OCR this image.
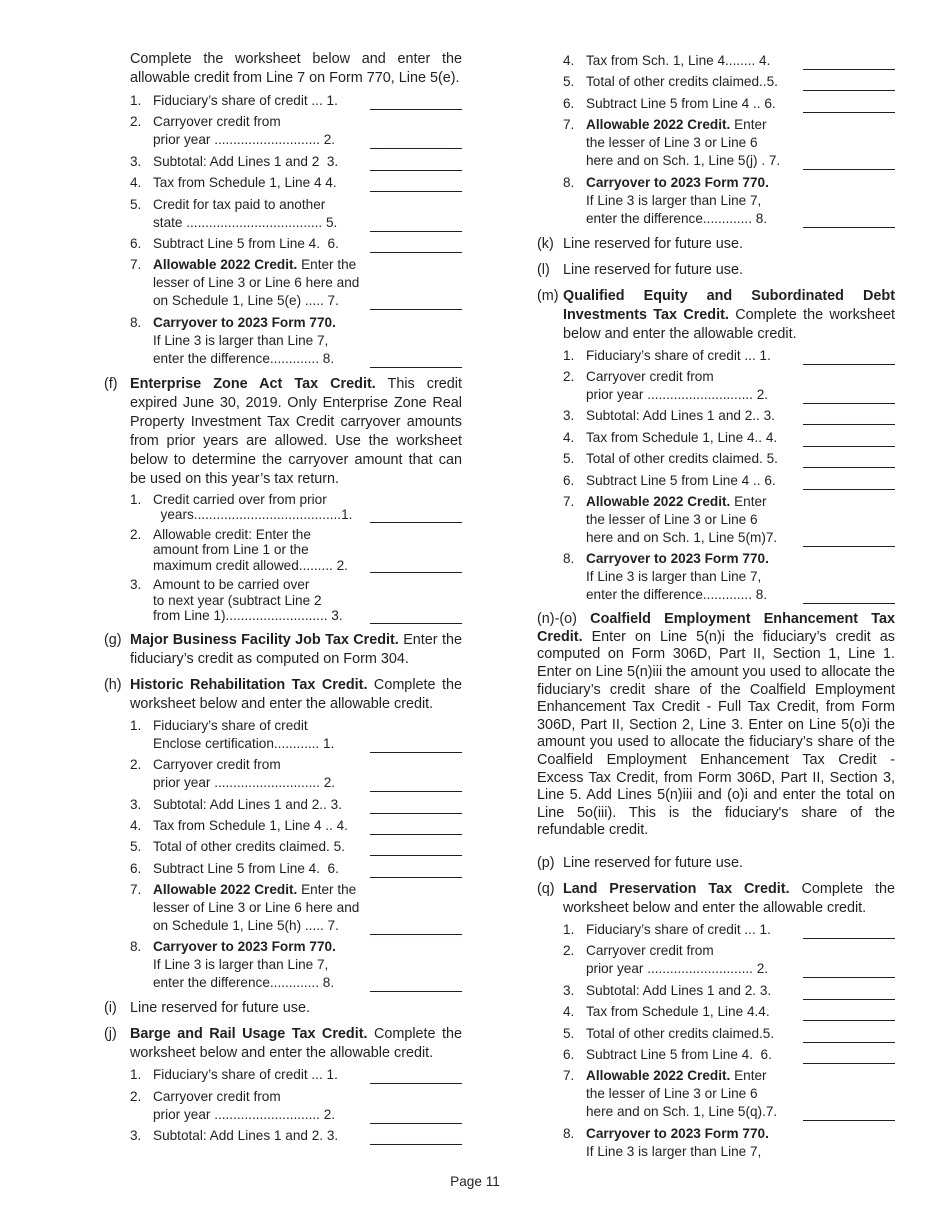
Complete the worksheet below and enter the allowable credit from Line 7 on Form 770, Line 5(e).
1. Fiduciary’s share of credit ... 1.
2. Carryover credit from
prior year ............................ 2.
3. Subtotal: Add Lines 1 and 2  3.
4. Tax from Schedule 1, Line 4 4.
5. Credit for tax paid to another
state .................................... 5.
6. Subtract Line 5 from Line 4.  6.
7. Allowable 2022 Credit. Enter the
lesser of Line 3 or Line 6 here and
on Schedule 1, Line 5(e) ..... 7.
8. Carryover to 2023 Form 770.
If Line 3 is larger than Line 7,
enter the difference............. 8.
(f) Enterprise Zone Act Tax Credit. This credit expired June 30, 2019. Only Enterprise Zone Real Property Investment Tax Credit carryover amounts from prior years are allowed. Use the worksheet below to determine the carryover amount that can be used on this year’s tax return.
1. Credit carried over from prior
years.......................................1.
2. Allowable credit: Enter the
amount from Line 1 or the
maximum credit allowed......... 2.
3. Amount to be carried over
to next year (subtract Line 2
from Line 1)........................... 3.
(g) Major Business Facility Job Tax Credit. Enter the fiduciary’s credit as computed on Form 304.
(h) Historic Rehabilitation Tax Credit. Complete the worksheet below and enter the allowable credit.
1. Fiduciary’s share of credit
Enclose certification............ 1.
2. Carryover credit from
prior year ............................ 2.
3. Subtotal: Add Lines 1 and 2.. 3.
4. Tax from Schedule 1, Line 4 .. 4.
5. Total of other credits claimed. 5.
6. Subtract Line 5 from Line 4.  6.
7. Allowable 2022 Credit. Enter the
lesser of Line 3 or Line 6 here and
on Schedule 1, Line 5(h) ..... 7.
8. Carryover to 2023 Form 770.
If Line 3 is larger than Line 7,
enter the difference............. 8.
(i) Line reserved for future use.
(j) Barge and Rail Usage Tax Credit. Complete the worksheet below and enter the allowable credit.
1. Fiduciary’s share of credit ... 1.
2. Carryover credit from
prior year ............................ 2.
3. Subtotal: Add Lines 1 and 2. 3.
4. Tax from Sch. 1, Line 4........ 4.
5. Total of other credits claimed..5.
6. Subtract Line 5 from Line 4 .. 6.
7. Allowable 2022 Credit. Enter
the lesser of Line 3 or Line 6
here and on Sch. 1, Line 5(j) . 7.
8. Carryover to 2023 Form 770.
If Line 3 is larger than Line 7,
enter the difference............. 8.
(k) Line reserved for future use.
(l) Line reserved for future use.
(m) Qualified Equity and Subordinated Debt Investments Tax Credit. Complete the worksheet below and enter the allowable credit.
1. Fiduciary’s share of credit ... 1.
2. Carryover credit from
prior year ............................ 2.
3. Subtotal: Add Lines 1 and 2.. 3.
4. Tax from Schedule 1, Line 4.. 4.
5. Total of other credits claimed. 5.
6. Subtract Line 5 from Line 4 .. 6.
7. Allowable 2022 Credit. Enter
the lesser of Line 3 or Line 6
here and on Sch. 1, Line 5(m)7.
8. Carryover to 2023 Form 770.
If Line 3 is larger than Line 7,
enter the difference............. 8.
(n)-(o) Coalfield Employment Enhancement Tax Credit. Enter on Line 5(n)i the fiduciary’s credit as computed on Form 306D, Part II, Section 1, Line 1. Enter on Line 5(n)iii the amount you used to allocate the fiduciary’s credit share of the Coalfield Employment Enhancement Tax Credit - Full Tax Credit, from Form 306D, Part II, Section 2, Line 3. Enter on Line 5(o)i the amount you used to allocate the fiduciary’s share of the Coalfield Employment Enhancement Tax Credit - Excess Tax Credit, from Form 306D, Part II, Section 3, Line 5. Add Lines 5(n)iii and (o)i and enter the total on Line 5o(iii). This is the fiduciary's share of the refundable credit.
(p) Line reserved for future use.
(q) Land Preservation Tax Credit. Complete the worksheet below and enter the allowable credit.
1. Fiduciary’s share of credit ... 1.
2. Carryover credit from
prior year ............................ 2.
3. Subtotal: Add Lines 1 and 2. 3.
4. Tax from Schedule 1, Line 4.4.
5. Total of other credits claimed.5.
6. Subtract Line 5 from Line 4.  6.
7. Allowable 2022 Credit. Enter
the lesser of Line 3 or Line 6
here and on Sch. 1, Line 5(q).7.
8. Carryover to 2023 Form 770.
If Line 3 is larger than Line 7,
Page 11
